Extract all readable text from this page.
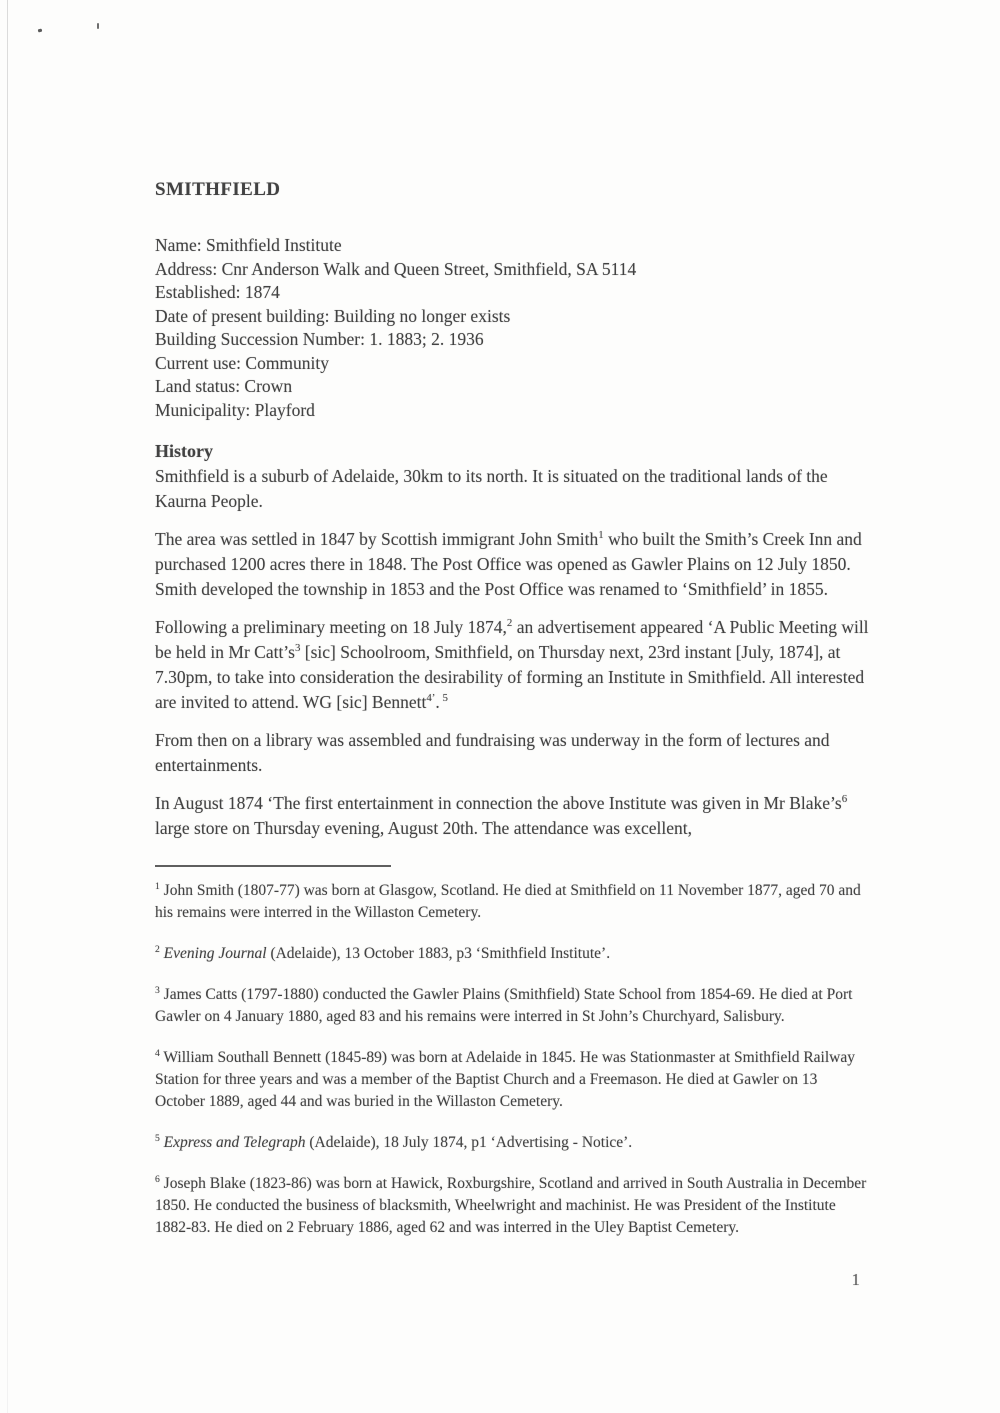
SMITHFIELD
Name: Smithfield Institute
Address: Cnr Anderson Walk and Queen Street, Smithfield, SA 5114
Established: 1874
Date of present building: Building no longer exists
Building Succession Number: 1. 1883; 2. 1936
Current use: Community
Land status: Crown
Municipality: Playford
History

Smithfield is a suburb of Adelaide, 30km to its north. It is situated on the traditional lands of the Kaurna People.

The area was settled in 1847 by Scottish immigrant John Smith$^1$ who built the Smith’s Creek Inn and purchased 1200 acres there in 1848. The Post Office was opened as Gawler Plains on 12 July 1850. Smith developed the township in 1853 and the Post Office was renamed to ‘Smithfield’ in 1855.

Following a preliminary meeting on 18 July 1874,$^2$ an advertisement appeared ‘A Public Meeting will be held in Mr $Catt’s^3$ [sic] Schoolroom, Smithfield, on Thursday next, 23rd instant [July, 1874], at 7.30pm, to take into consideration the desirability of forming an Institute in Smithfield. All interested are invited to attend. WG [sic] Bennett$^{4’}$. $^5$

From then on a library was assembled and fundraising was underway in the form of lectures and entertainments.

In August 1874 ‘The first entertainment in connection the above Institute was given in Mr $Blake’s^6$ large store on Thursday evening, August 20th. The attendance was excellent,

$^1$ John Smith (1807-77) was born at Glasgow, Scotland. He died at Smithfield on 11 November 1877, aged 70 and his remains were interred in the Willaston Cemetery.
$^2$ Evening Journal (Adelaide), 13 October 1883, p3 ‘Smithfield Institute’.
$^3$ James Catts (1797-1880) conducted the Gawler Plains (Smithfield) State School from 1854-69. He died at Port Gawler on 4 January 1880, aged 83 and his remains were interred in St John’s Churchyard, Salisbury.
$^4$ William Southall Bennett (1845-89) was born at Adelaide in 1845. He was Stationmaster at Smithfield Railway Station for three years and was a member of the Baptist Church and a Freemason. He died at Gawler on 13 October 1889, aged 44 and was buried in the Willaston Cemetery.
$^5$ Express and Telegraph (Adelaide), 18 July 1874, p1 ‘Advertising - Notice’.
$^6$ Joseph Blake (1823-86) was born at Hawick, Roxburgshire, Scotland and arrived in South Australia in December 1850. He conducted the business of blacksmith, Wheelwright and machinist. He was President of the Institute 1882-83. He died on 2 February 1886, aged 62 and was interred in the Uley Baptist Cemetery.
1
